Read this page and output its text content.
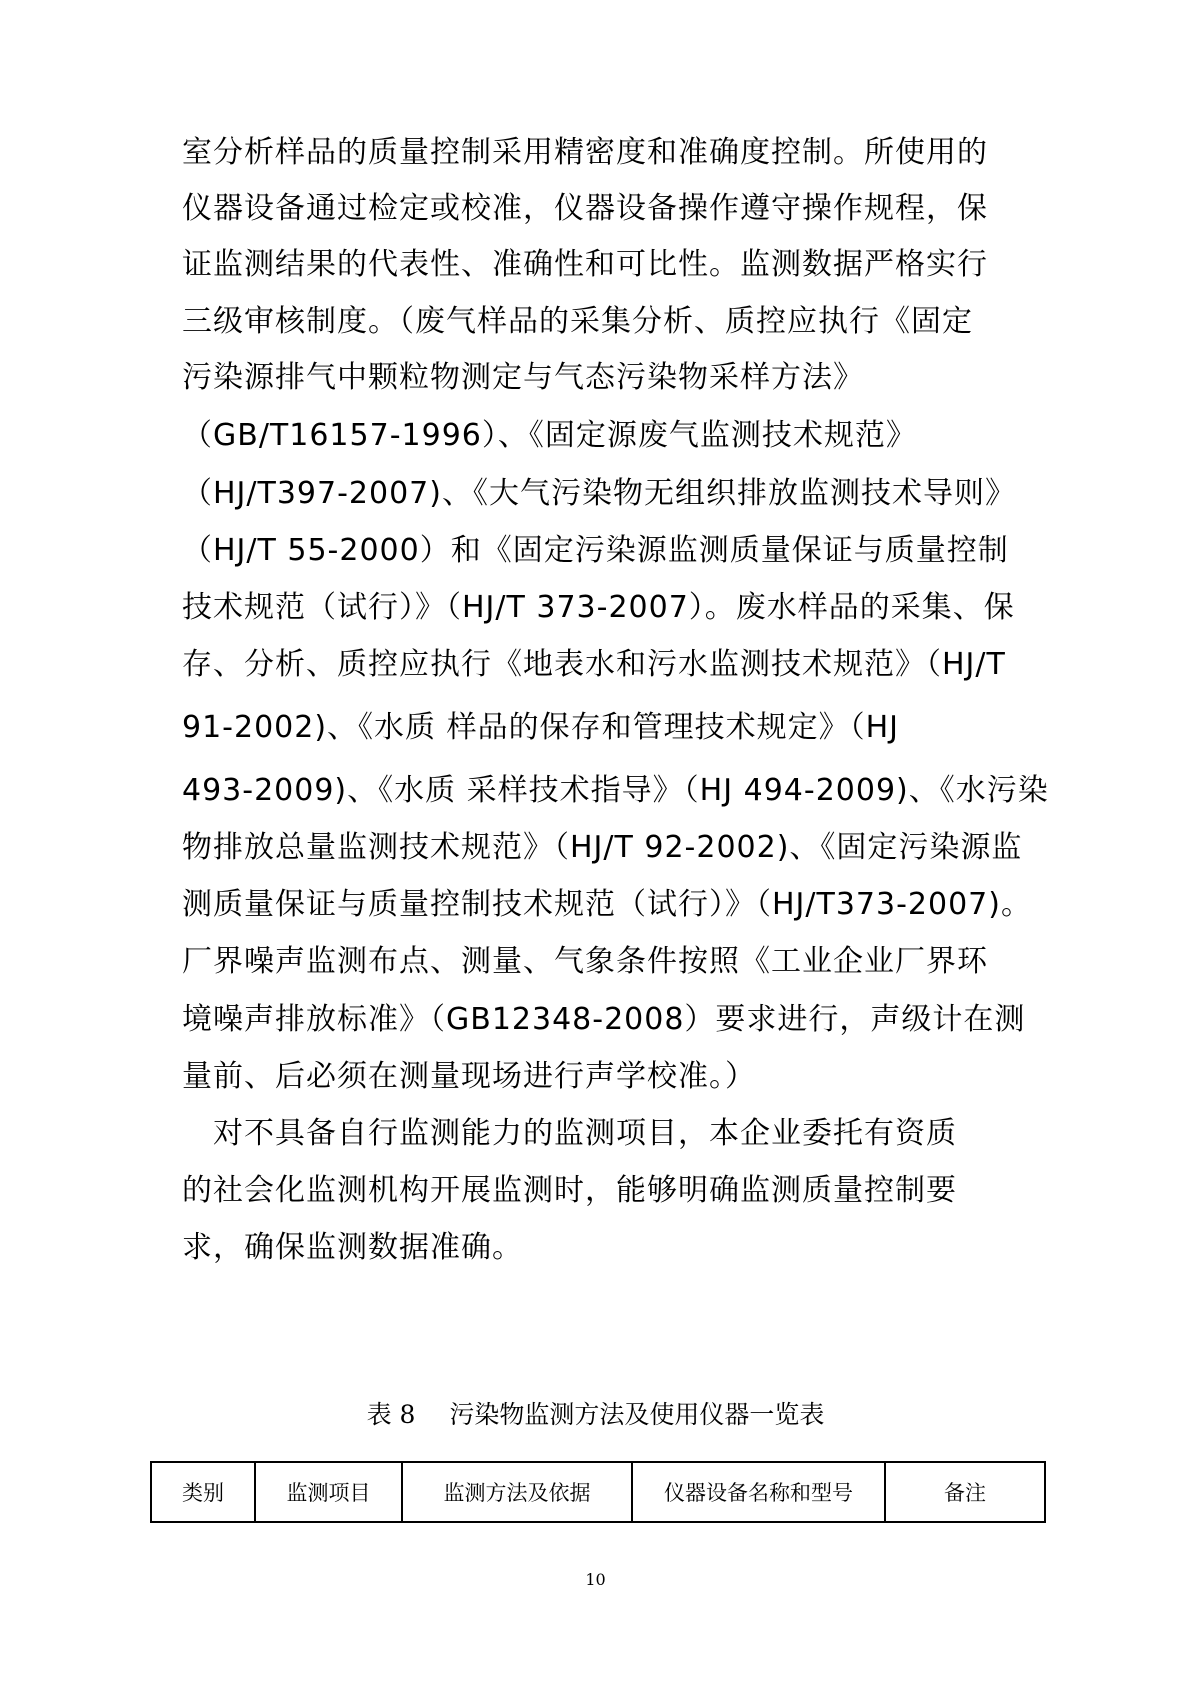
室分析样品的质量控制采用精密度和准确度控制。所使用的

仪器设备通过检定或校准，仪器设备操作遵守操作规程，保

证监测结果的代表性、准确性和可比性。监测数据严格实行

三级审核制度。（废气样品的采集分析、质控应执行《固定

污染源排气中颗粒物测定与气态污染物采样方法》

（GB/T16157-1996）、《固定源废气监测技术规范》

（HJ/T397-2007)、《大气污染物无组织排放监测技术导则》

（HJ/T 55-2000）和《固定污染源监测质量保证与质量控制

技术规范（试行）》（HJ/T 373-2007）。废水样品的采集、保

存、分析、质控应执行《地表水和污水监测技术规范》（HJ/T

91-2002)、《水质 样品的保存和管理技术规定》（HJ

493-2009)、《水质 采样技术指导》（HJ 494-2009)、《水污染

物排放总量监测技术规范》（HJ/T 92-2002)、《固定污染源监

测质量保证与质量控制技术规范（试行）》（HJ/T373-2007)。

厂界噪声监测布点、测量、气象条件按照《工业企业厂界环

境噪声排放标准》（GB12348-2008）要求进行，声级计在测

量前、后必须在测量现场进行声学校准。）

　对不具备自行监测能力的监测项目，本企业委托有资质

的社会化监测机构开展监测时，能够明确监测质量控制要

求，确保监测数据准确。

表 8 污染物监测方法及使用仪器一览表

类别	监测项目	监测方法及依据	仪器设备名称和型号	备注

10
